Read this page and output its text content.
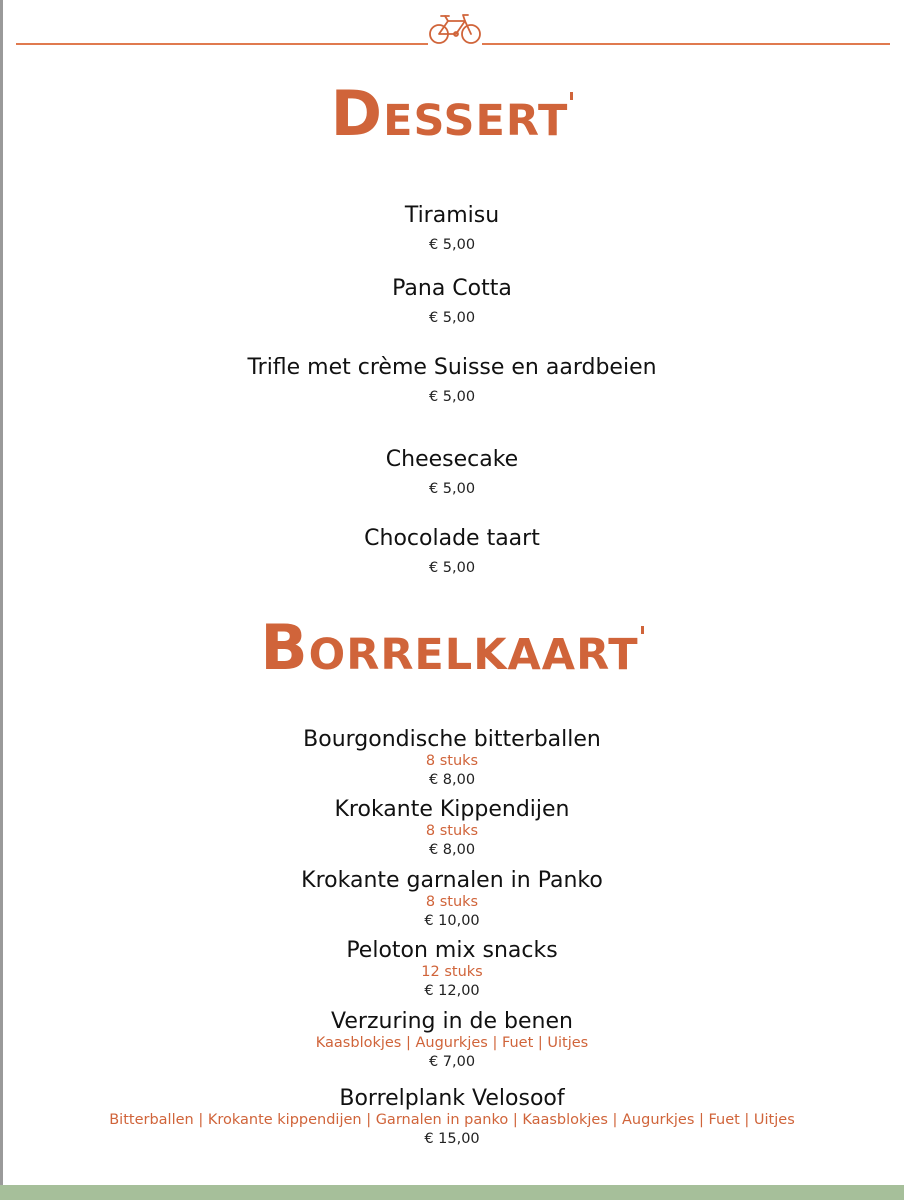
Dessert
Tiramisu
€ 5,00
Pana Cotta
€ 5,00
Trifle met crème Suisse en aardbeien
€ 5,00
Cheesecake
€ 5,00
Chocolade taart
€ 5,00
Borrelkaart
Bourgondische bitterballen
8 stuks
€ 8,00
Krokante Kippendijen
8 stuks
€ 8,00
Krokante garnalen in Panko
8 stuks
€ 10,00
Peloton mix snacks
12 stuks
€ 12,00
Verzuring in de benen
Kaasblokjes | Augurkjes | Fuet | Uitjes
€ 7,00
Borrelplank Velosoof
Bitterballen | Krokante kippendijen | Garnalen in panko | Kaasblokjes | Augurkjes | Fuet | Uitjes
€ 15,00
